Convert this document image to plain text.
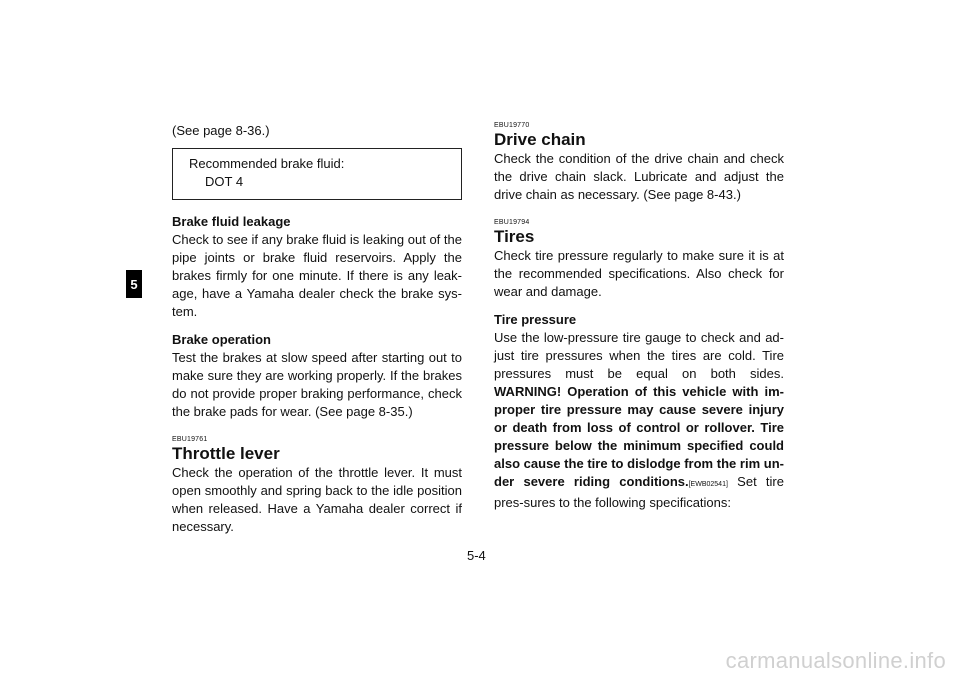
5

(See page 8-36.)

Recommended brake fluid:
DOT 4
Brake fluid leakage

Check to see if any brake fluid is leaking out of the pipe joints or brake fluid reservoirs. Apply the brakes firmly for one minute. If there is any leak-age, have a Yamaha dealer check the brake sys-tem.

Brake operation

Test the brakes at slow speed after starting out to make sure they are working properly. If the brakes do not provide proper braking performance, check the brake pads for wear. (See page 8-35.)

EBU19761
Throttle lever

Check the operation of the throttle lever. It must open smoothly and spring back to the idle position when released. Have a Yamaha dealer correct if necessary.

EBU19770
Drive chain

Check the condition of the drive chain and check the drive chain slack. Lubricate and adjust the drive chain as necessary. (See page 8-43.)

EBU19794
Tires

Check tire pressure regularly to make sure it is at the recommended specifications. Also check for wear and damage.

Tire pressure

Use the low-pressure tire gauge to check and ad-just tire pressures when the tires are cold. Tire pressures must be equal on both sides. WARNING! Operation of this vehicle with im-proper tire pressure may cause severe injury or death from loss of control or rollover. Tire pressure below the minimum specified could also cause the tire to dislodge from the rim un-der severe riding conditions.[EWB02541] Set tire pres-sures to the following specifications:

5-4
carmanualsonline.info
